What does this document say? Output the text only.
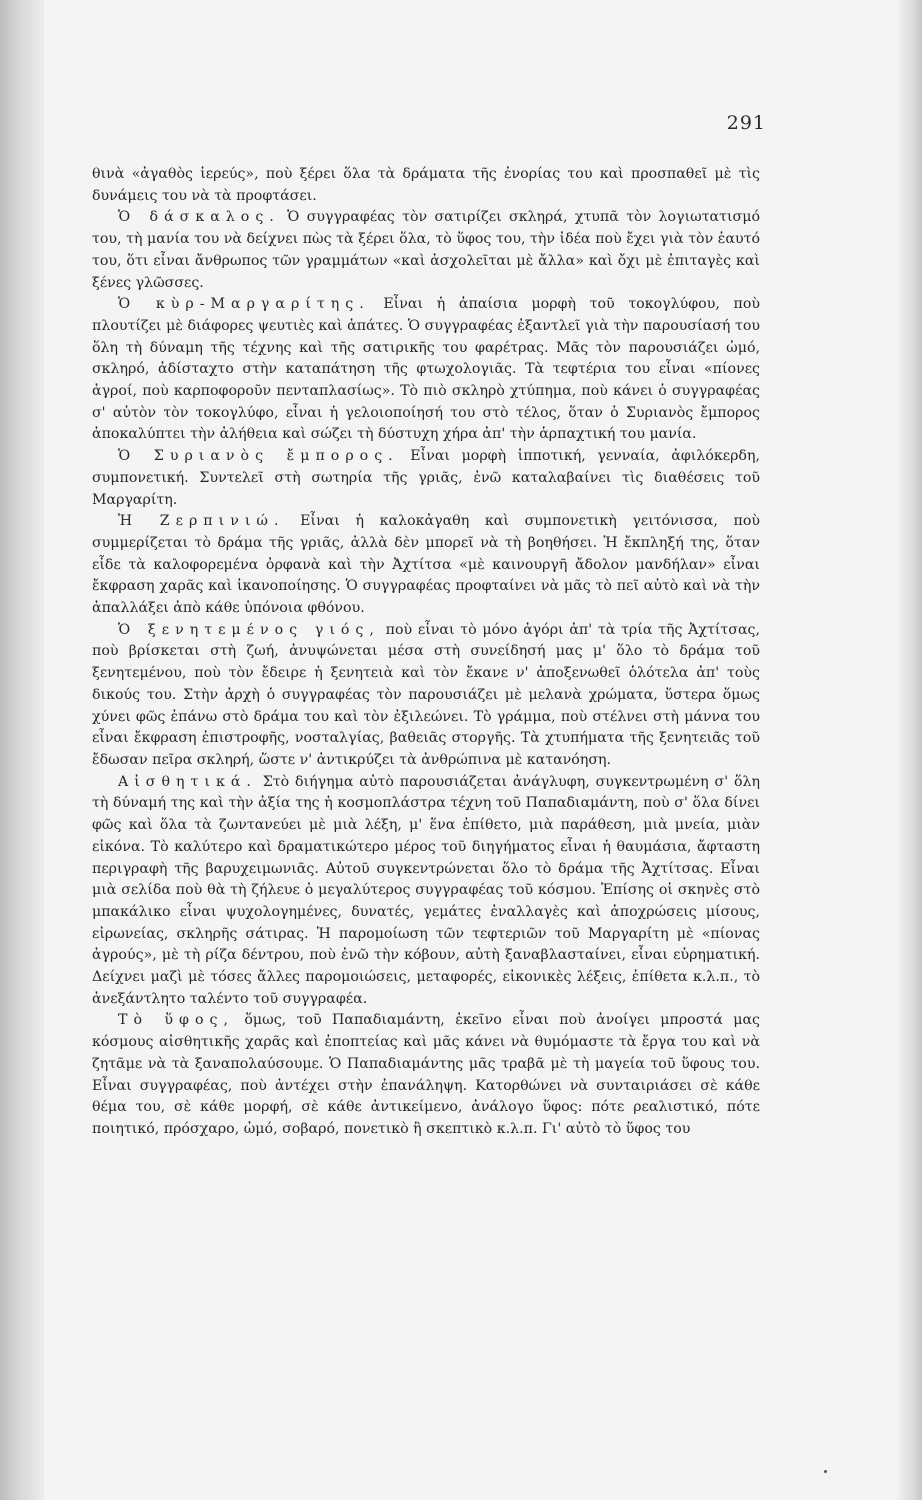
291

θινὰ «ἀγαθὸς ἱερεύς», ποὺ ξέρει ὅλα τὰ δράματα τῆς ἐνορίας του καὶ προσπαθεῖ μὲ τὶς δυνάμεις του νὰ τὰ προφτάσει.

Ὁ δάσκαλος. Ὁ συγγραφέας τὸν σατιρίζει σκληρά, χτυπᾶ τὸν λογιωτατισμό του, τὴ μανία του νὰ δείχνει πὼς τὰ ξέρει ὅλα, τὸ ὕφος του, τὴν ἰδέα ποὺ ἔχει γιὰ τὸν ἑαυτό του, ὅτι εἶναι ἄνθρωπος τῶν γραμμάτων «καὶ ἀσχολεῖται μὲ ἄλλα» καὶ ὄχι μὲ ἐπιταγὲς καὶ ξένες γλῶσσες.

Ὁ κὺρ-Μαργαρίτης. Εἶναι ἡ ἀπαίσια μορφὴ τοῦ τοκογλύφου, ποὺ πλουτίζει μὲ διάφορες ψευτιὲς καὶ ἀπάτες. Ὁ συγγραφέας ἐξαντλεῖ γιὰ τὴν παρουσίασή του ὅλη τὴ δύναμη τῆς τέχνης καὶ τῆς σατιρικῆς του φαρέτρας. Μᾶς τὸν παρουσιάζει ὠμό, σκληρό, ἀδίσταχτο στὴν καταπάτηση τῆς φτωχολογιᾶς. Τὰ τεφτέρια του εἶναι «πίονες ἀγροί, ποὺ καρποφοροῦν πενταπλασίως». Τὸ πιὸ σκληρὸ χτύπημα, ποὺ κάνει ὁ συγγραφέας σ' αὐτὸν τὸν τοκογλύφο, εἶναι ἡ γελοιοποίησή του στὸ τέλος, ὅταν ὁ Συριανὸς ἔμπορος ἀποκαλύπτει τὴν ἀλήθεια καὶ σώζει τὴ δύστυχη χήρα ἀπ' τὴν ἁρπαχτική του μανία.

Ὁ Συριανὸς ἔμπορος. Εἶναι μορφὴ ἱπποτική, γενναία, ἀφιλόκερδη, συμπονετική. Συντελεῖ στὴ σωτηρία τῆς γριᾶς, ἐνῶ καταλαβαίνει τὶς διαθέσεις τοῦ Μαργαρίτη.

Ἡ Ζερπινιώ. Εἶναι ἡ καλοκἀγαθη καὶ συμπονετικὴ γειτόνισσα, ποὺ συμμερίζεται τὸ δράμα τῆς γριᾶς, ἀλλὰ δὲν μπορεῖ νὰ τὴ βοηθήσει. Ἡ ἔκπληξή της, ὅταν εἶδε τὰ καλοφορεμένα ὀρφανὰ καὶ τὴν Ἀχτίτσα «μὲ καινουργῆ ἄδολον μανδήλαν» εἶναι ἔκφραση χαρᾶς καὶ ἱκανοποίησης. Ὁ συγγραφέας προφταίνει νὰ μᾶς τὸ πεῖ αὐτὸ καὶ νὰ τὴν ἀπαλλάξει ἀπὸ κάθε ὑπόνοια φθόνου.

Ὁ ξενητεμένος γιός, ποὺ εἶναι τὸ μόνο ἀγόρι ἀπ' τὰ τρία τῆς Ἀχτίτσας, ποὺ βρίσκεται στὴ ζωή, ἀνυψώνεται μέσα στὴ συνείδησή μας μ' ὅλο τὸ δράμα τοῦ ξενητεμένου, ποὺ τὸν ἔδειρε ἡ ξενητειὰ καὶ τὸν ἔκανε ν' ἀποξενωθεῖ ὁλότελα ἀπ' τοὺς δικούς του. Στὴν ἀρχὴ ὁ συγγραφέας τὸν παρουσιάζει μὲ μελανὰ χρώματα, ὕστερα ὅμως χύνει φῶς ἐπάνω στὸ δράμα του καὶ τὸν ἐξιλεώνει. Τὸ γράμμα, ποὺ στέλνει στὴ μάννα του εἶναι ἔκφραση ἐπιστροφῆς, νοσταλγίας, βαθειᾶς στοργῆς. Τὰ χτυπήματα τῆς ξενητειᾶς τοῦ ἔδωσαν πεῖρα σκληρή, ὥστε ν' ἀντικρύζει τὰ ἀνθρώπινα μὲ κατανόηση.

Αἰσθητικά. Στὸ διήγημα αὐτὸ παρουσιάζεται ἀνάγλυφη, συγκεντρωμένη σ' ὅλη τὴ δύναμή της καὶ τὴν ἀξία της ἡ κοσμοπλάστρα τέχνη τοῦ Παπαδιαμάντη, ποὺ σ' ὅλα δίνει φῶς καὶ ὅλα τὰ ζωντανεύει μὲ μιὰ λέξη, μ' ἕνα ἐπίθετο, μιὰ παράθεση, μιὰ μνεία, μιὰν εἰκόνα. Τὸ καλύτερο καὶ δραματικώτερο μέρος τοῦ διηγήματος εἶναι ἡ θαυμάσια, ἄφταστη περιγραφὴ τῆς βαρυχειμωνιᾶς. Αὐτοῦ συγκεντρώνεται ὅλο τὸ δράμα τῆς Ἀχτίτσας. Εἶναι μιὰ σελίδα ποὺ θὰ τὴ ζήλευε ὁ μεγαλύτερος συγγραφέας τοῦ κόσμου. Ἐπίσης οἱ σκηνὲς στὸ μπακάλικο εἶναι ψυχολογημένες, δυνατές, γεμάτες ἐναλλαγὲς καὶ ἀποχρώσεις μίσους, εἰρωνείας, σκληρῆς σάτιρας. Ἡ παρομοίωση τῶν τεφτεριῶν τοῦ Μαργαρίτη μὲ «πίονας ἀγρούς», μὲ τὴ ρίζα δέντρου, ποὺ ἐνῶ τὴν κόβουν, αὐτὴ ξαναβλασταίνει, εἶναι εὑρηματική. Δείχνει μαζὶ μὲ τόσες ἄλλες παρομοιώσεις, μεταφορές, εἰκονικὲς λέξεις, ἐπίθετα κ.λ.π., τὸ ἀνεξάντλητο ταλέντο τοῦ συγγραφέα.

Τὸ ὕφος, ὅμως, τοῦ Παπαδιαμάντη, ἐκεῖνο εἶναι ποὺ ἀνοίγει μπροστά μας κόσμους αἰσθητικῆς χαρᾶς καὶ ἐποπτείας καὶ μᾶς κάνει νὰ θυμόμαστε τὰ ἔργα του καὶ νὰ ζητᾶμε νὰ τὰ ξαναπολαύσουμε. Ὁ Παπαδιαμάντης μᾶς τραβᾶ μὲ τὴ μαγεία τοῦ ὕφους του. Εἶναι συγγραφέας, ποὺ ἀντέχει στὴν ἐπανάληψη. Κατορθώνει νὰ συνταιριάσει σὲ κάθε θέμα του, σὲ κάθε μορφή, σὲ κάθε ἀντικείμενο, ἀνάλογο ὕφος: πότε ρεαλιστικό, πότε ποιητικό, πρόσχαρο, ὠμό, σοβαρό, πονετικὸ ἢ σκεπτικὸ κ.λ.π. Γι' αὐτὸ τὸ ὕφος του
